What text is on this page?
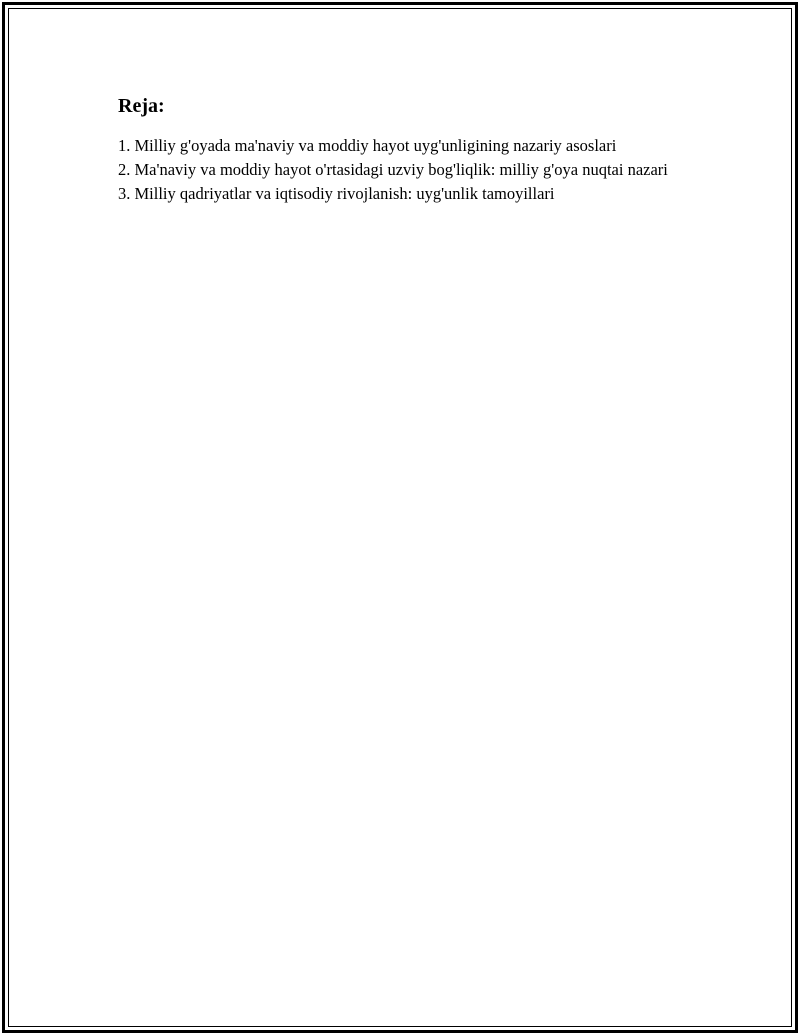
Reja:
1. Milliy g'oyada ma'naviy va moddiy hayot uyg'unligining nazariy asoslari
2. Ma'naviy va moddiy hayot o'rtasidagi uzviy bog'liqlik: milliy g'oya nuqtai nazari
3. Milliy qadriyatlar va iqtisodiy rivojlanish: uyg'unlik tamoyillari
